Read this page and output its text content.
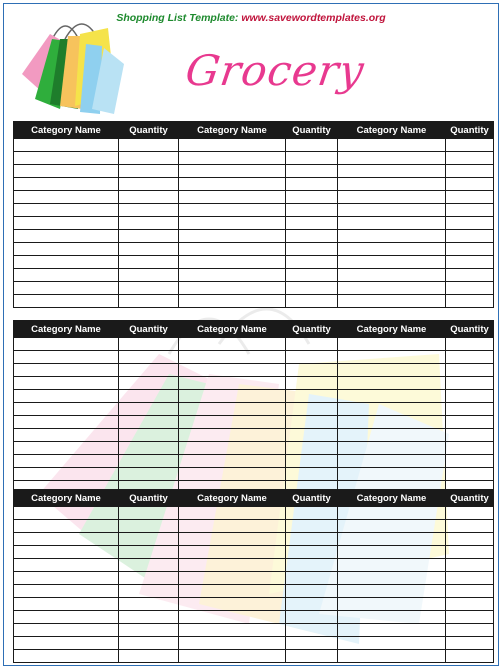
Shopping List Template: www.savewordtemplates.org
Grocery
Category Name	Quantity	Category Name	Quantity	Category Name	Quantity

Category Name	Quantity	Category Name	Quantity	Category Name	Quantity

Category Name	Quantity	Category Name	Quantity	Category Name	Quantity
